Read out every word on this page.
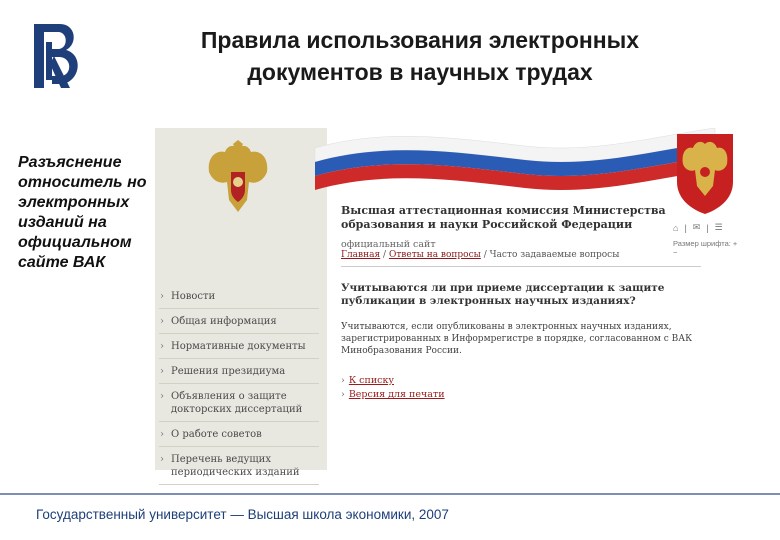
Правила использования электронных
документов в научных трудах
Разъяснение относитель но электронных изданий на официальном сайте ВАК
› Новости
› Общая информация
› Нормативные документы
› Решения президиума
› Объявления о защите докторских диссертаций
› О работе советов
› Перечень ведущих периодических изданий
Высшая аттестационная комиссия Министерства образования и науки Российской Федерации
официальный сайт
⌂ | ✉ | ☰
Размер шрифта: + −
Главная / Ответы на вопросы / Часто задаваемые вопросы
Учитываются ли при приеме диссертации к защите публикации в электронных научных изданиях?
Учитываются, если опубликованы в электронных научных изданиях, зарегистрированных в Информрегистре в порядке, согласованном с ВАК Минобразования России.
› К списку
› Версия для печати
Государственный университет — Высшая школа экономики, 2007
